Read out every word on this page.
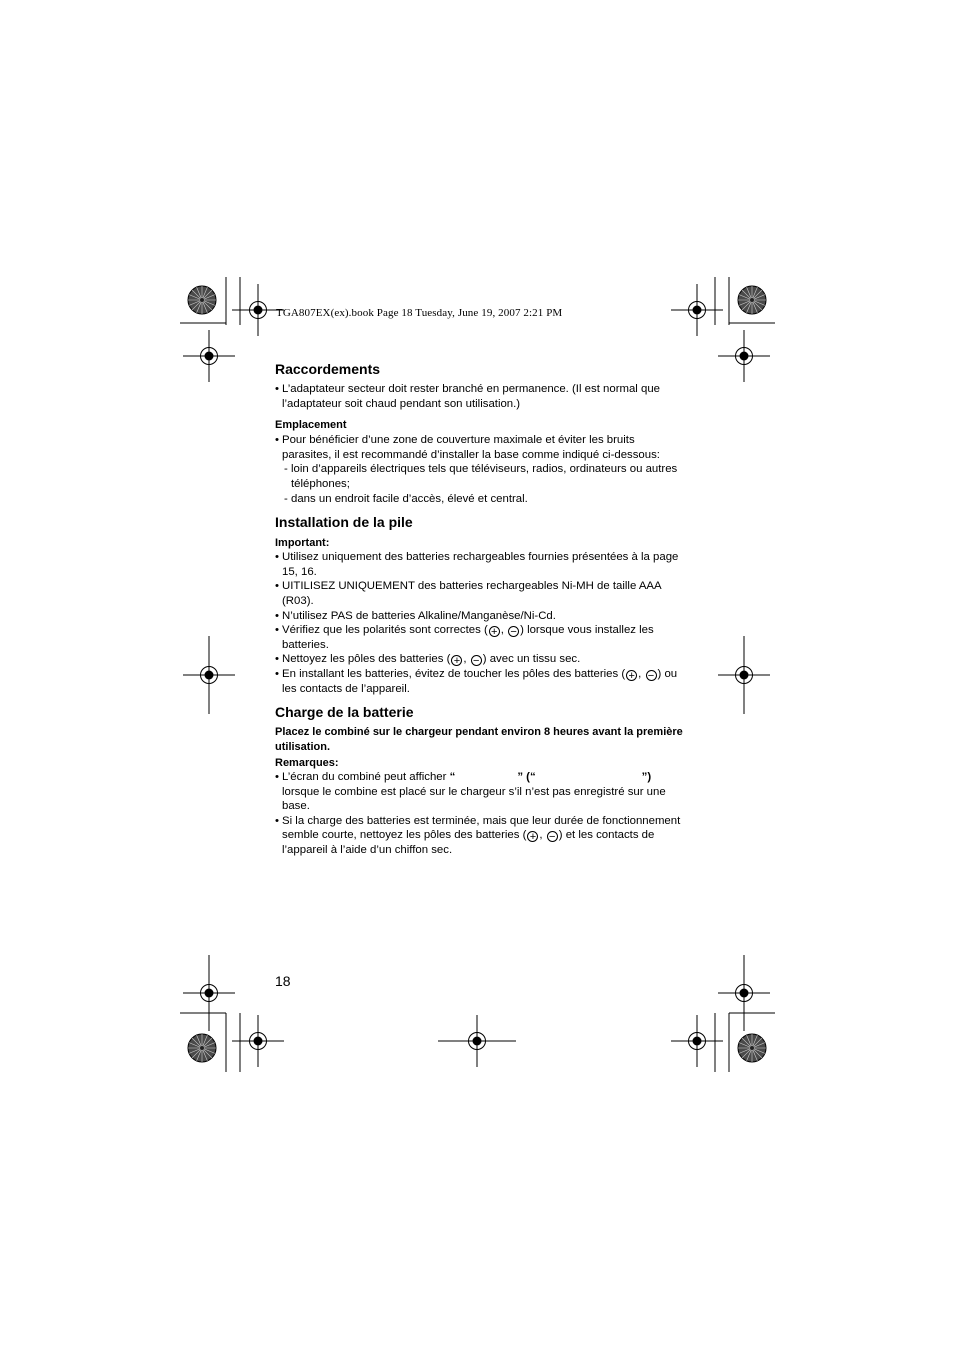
TGA807EX(ex).book Page 18 Tuesday, June 19, 2007 2:21 PM
Raccordements

• L’adaptateur secteur doit rester branché en permanence. (Il est normal que l’adaptateur soit chaud pendant son utilisation.)

Emplacement

• Pour bénéficier d’une zone de couverture maximale et éviter les bruits parasites, il est recommandé d’installer la base comme indiqué ci-dessous:

- loin d’appareils électriques tels que téléviseurs, radios, ordinateurs ou autres téléphones;

- dans un endroit facile d’accès, élevé et central.

Installation de la pile

Important:

• Utilisez uniquement des batteries rechargeables fournies présentées à la page 15, 16.

• UITILISEZ UNIQUEMENT des batteries rechargeables Ni-MH de taille AAA (R03).

• N’utilisez PAS de batteries Alkaline/Manganèse/Ni-Cd.

• Vérifiez que les polarités sont correctes ( + , − ) lorsque vous installez les batteries.

• Nettoyez les pôles des batteries ( + , − ) avec un tissu sec.

• En installant les batteries, évitez de toucher les pôles des batteries ( + , − ) ou les contacts de l’appareil.

Charge de la batterie

Placez le combiné sur le chargeur pendant environ 8 heures avant la première utilisation.

Remarques:

• L’écran du combiné peut afficher “	” (“	”) lorsque le combine est placé sur le chargeur s’il n’est pas enregistré sur une base.

• Si la charge des batteries est terminée, mais que leur durée de fonctionnement semble courte, nettoyez les pôles des batteries ( + , − ) et les contacts de l’appareil à l’aide d’un chiffon sec.

18
